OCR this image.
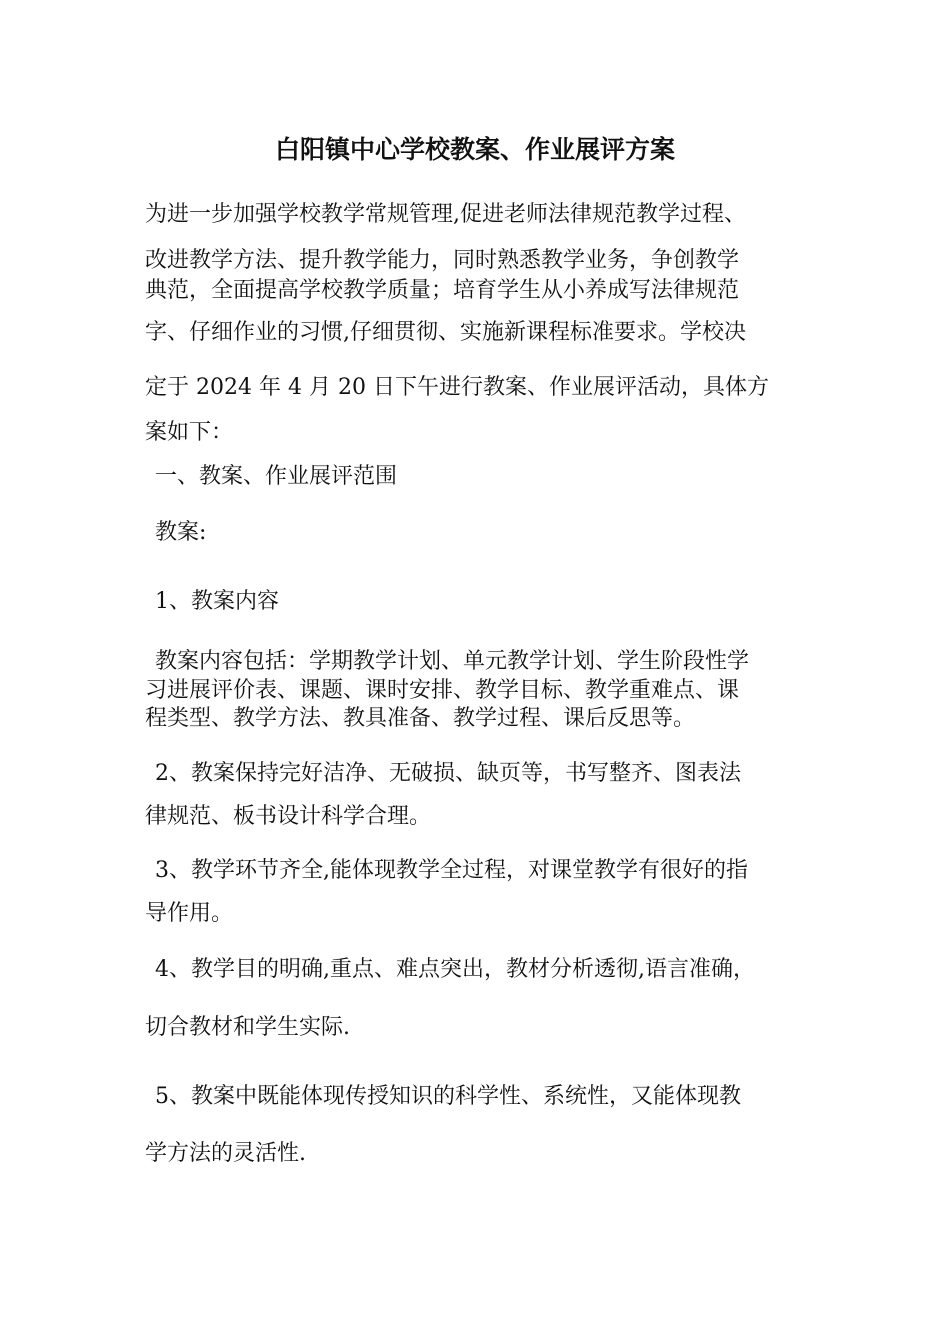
白阳镇中心学校教案、作业展评方案
为进一步加强学校教学常规管理,促进老师法律规范教学过程、
改进教学方法、提升教学能力，同时熟悉教学业务，争创教学
典范，全面提高学校教学质量；培育学生从小养成写法律规范
字、仔细作业的习惯,仔细贯彻、实施新课程标准要求。学校决
定于 2024 年 4 月 20 日下午进行教案、作业展评活动，具体方
案如下：
一、教案、作业展评范围
教案:
1、教案内容
教案内容包括：学期教学计划、单元教学计划、学生阶段性学
习进展评价表、课题、课时安排、教学目标、教学重难点、课
程类型、教学方法、教具准备、教学过程、课后反思等。
2、教案保持完好洁净、无破损、缺页等，书写整齐、图表法
律规范、板书设计科学合理。
3、教学环节齐全,能体现教学全过程，对课堂教学有很好的指
导作用。
4、教学目的明确,重点、难点突出，教材分析透彻,语言准确，
切合教材和学生实际.
5、教案中既能体现传授知识的科学性、系统性，又能体现教
学方法的灵活性.
